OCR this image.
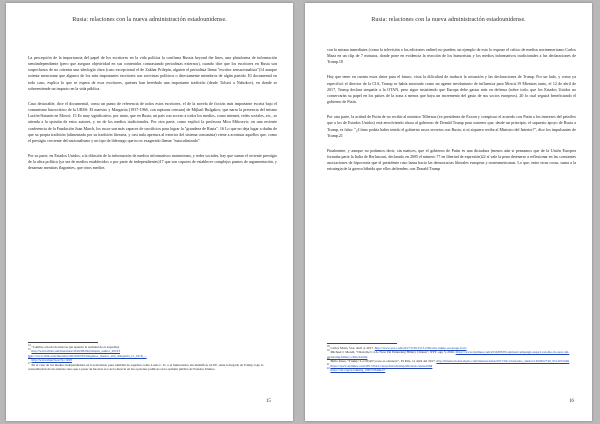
Rusia: relaciones con la nueva administración estadounidense.

La percepción de la importancia del papel de los escritores en la vida política la confirma Russia beyond the lines, una plataforma de información semiindependiente (pero que asegura objetividad en sus contenidos contrastando periodistas externos), cuando dice que los escritores en Rusia son sospechosos de no orientar una ideología clara (caso excepcional el de Zakhar Prilepin, alguien el periodista llama "escritor sensacionalista")14 aunque ostenta mencionar que algunos de los más importantes escritores son activistas políticos o directamente miembros de algún partido. El documental en todo caso, explica lo que se espera de esos escritores, quienes han heredado una importante tradición (desde Tolstoi a Nabokov), en donde se sobreentiende un impacto en la vida pública.

Caso destacable, dice el documental, como un punto de referencia de todos estos escritores, el de la novela de ficción más importante escrita bajo el comunismo burocrático de la URSS: El maestro y Margarita (1937-1966, con rupturas censura) de Mijhail Bulgakov, que narra la presencia del mismo Lucifer/Satanás en Moscú. 15 Es muy significativo, por tanto, que en Rusia, un país con acceso a todos los medios, como internet, redes sociales, etc., se atienda a la opinión de estos autores, y no de los medios tradicionales. Por otra parte, como explicó la profesora Mira Milosevic, en una reciente conferencia de la Fundación Juan March, los rusos son más capaces de sacrificios para lograr la "grandeza de Rusia". 16 Lo que no deja lugar a dudas de que su propia tradición (alimentada por su tradición literaria, y casi nula apertura al exterior del sistema comunista) viene a acentuar aquellos que, como el prestigio creciente del nacionalismo y un tipo de liderazgo que no es exagerado llamar "masculinizado".

Por su parte, en Estados Unidos, a la difusión de la información de medios informativos mainstream, y redes sociales, hay que sumar el reciente prestigio de la ultra política (ya sea de medios establecidos o por parte de independientes)17 que son capaces de establecer complejos puntos de argumentación, y desarmar mentiras flagrantes, que otros medios

$^{14}$ "Cambio a hacia de marcas (en apuesta la realidad de el expedió):

$^{15}$ http://www.rbth.com/literature/2016/08/04/prilepin_author_20193

http://www.rbth.com/literature/2016/02/05/bulgakov_master_and_margarita_tv_1918_...

$^{16}$ http://www.march.es/?p=1018

$^{17}$ En el caso de los medios independientes en la televisión, pues también de aquellos como Louis C. K. o el humorístico sin identificar en EE. Ante la llegada de Trump, bajo la consolidación de un entorno ruso que a pesar de hacerse eco de la mezcla en las opciones políticas en la opinión pública de Estados Unidos.

15
Rusia: relaciones con la nueva administración estadounidense.

con la misma inmediatez (como la televisión o las ediciones online) no pueden; un ejemplo de esto lo expone el crítico de medios norteamericano Carlos Maza en un clip de 7 minutos, donde pone en evidencia la reacción de los humoristas y los medios informativos tradicionales a las declaraciones de Trump.18

Hay que tener en cuenta estos datos para el futuro, vista la dificultad de traducir la actuación y las declaraciones de Trump. Por un lado, y como ya especificó el director de la CIA, Trump se había mostrado como un agente involuntario de influencia para Moscú.19 Mientras tanto, el 12 de abril de 2017, Trump declara simpatía a la OTAN, pero sigue insistiendo que Europa debe gastar más en defensa (sobre todo, que los Estados Unidos no conservarán su papel en los países de la zona a menos que haya un incremento del gasto de sus socios europeos). 20 lo cual seguirá beneficiando el gobierno de Putin.

Por otra parte, la actitud de Putin de no recibir al ministro Tillerson (ex presidente de Exxon y conspicuo el acuerdo con Putin a los intereses del petróleo que a los de Estados Unidos) está envolviendo ahora al gobierno de Donald Trump para sostener que, desde un principio, el supuesto apoyo de Rusia a Trump, es falso: "¿Cómo podría haber tenido el gobierno rusos secretos con Rusia, si ni siquiera recibe al Ministro del Interior?", dice los impulsantes de Trump.21

Finalmente, y aunque no podamos decir, sin matices, que el gobierno de Putin es una dictadura (menos aún si pensamos que de la Unión Europea formaba parte la Italia de Berlusconi, declarado en 2005 el número 77 en libertad de expresión)22 sí vale la pena detenerse a reflexionar en las constantes asociaciones de hipocresía que el presidente ruso lanza hacia las democracias liberales europeas y norteamericanas. Lo que, entre otras cosas, suma a la estrategia de la guerra híbrida que ellos defienden, con Donald Trump

$^{18}$ Carlos Maza, Vox, abril 4, 2017. http://www.vox.com/2017/3/30/15131766/cnn-trump-coverage-facts

$^{19}$ Michael J. Morell, "I Ran the C.I.A. Now I'm Endorsing Hillary Clinton", NYT, ago 5, 2016. https://www.nytimes.com/2016/08/05/opinion/campaign-stops/i-ran-the-cia-now-im-endorsing-hillary-clinton.html

$^{20}$ Bella Jones, "Trump: 'La OTAN ya no es obsoleta'", El País, 12 abril del 2017. http://internacional.elpais.com/internacional/2017/04/12/estados_unidos/1492022749_951205.html

$^{21}$ https://www.nytimes.com/2017/04/11/us/politics/trump-tillerson-russia.html

$^{22}$ https://rsf.org/es/ranking_2005?#Mike27

16
